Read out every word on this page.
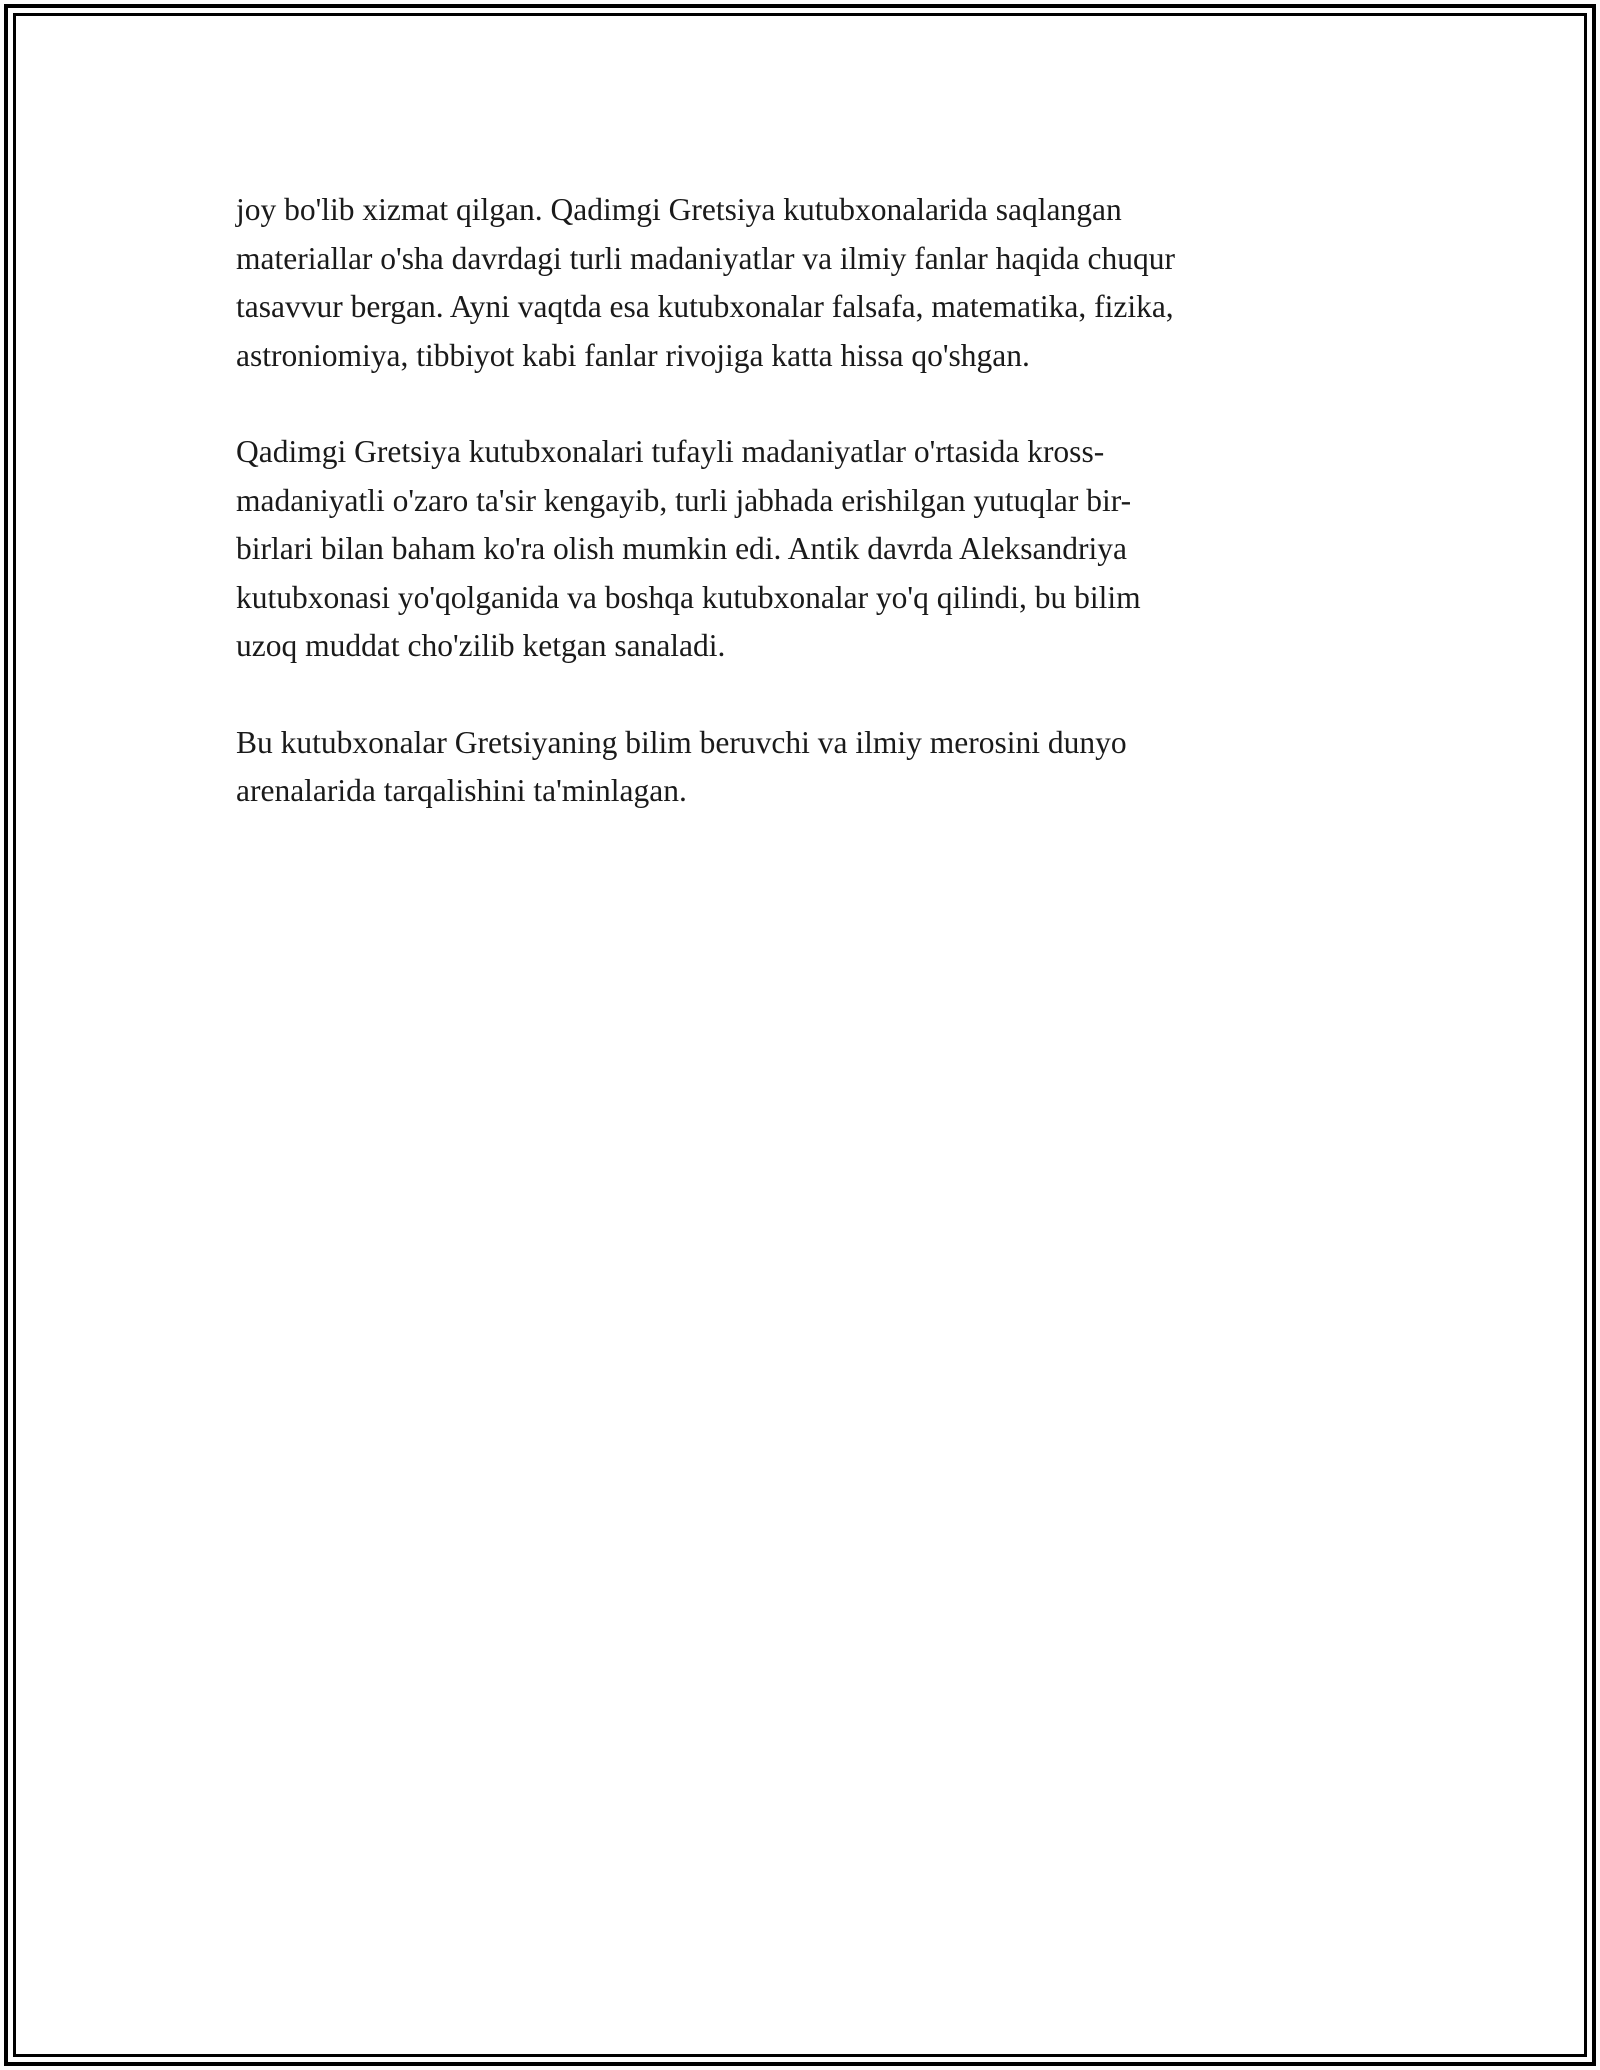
joy bo'lib xizmat qilgan. Qadimgi Gretsiya kutubxonalarida saqlangan
materiallar o'sha davrdagi turli madaniyatlar va ilmiy fanlar haqida chuqur
tasavvur bergan. Ayni vaqtda esa kutubxonalar falsafa, matematika, fizika,
astroniomiya, tibbiyot kabi fanlar rivojiga katta hissa qo'shgan.

Qadimgi Gretsiya kutubxonalari tufayli madaniyatlar o'rtasida kross-
madaniyatli o'zaro ta'sir kengayib, turli jabhada erishilgan yutuqlar bir-
birlari bilan baham ko'ra olish mumkin edi. Antik davrda Aleksandriya
kutubxonasi yo'qolganida va boshqa kutubxonalar yo'q qilindi, bu bilim
uzoq muddat cho'zilib ketgan sanaladi.

Bu kutubxonalar Gretsiyaning bilim beruvchi va ilmiy merosini dunyo
arenalarida tarqalishini ta'minlagan.
